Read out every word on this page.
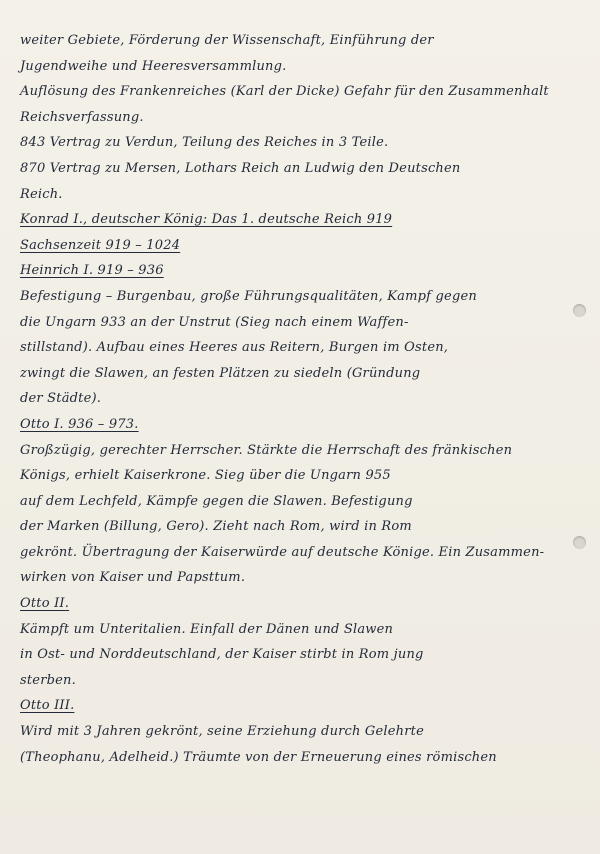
weiter Gebiete, Förderung der Wissenschaft, Einführung der
Jugendweihe und Heeresversammlung.
Auflösung des Frankenreiches (Karl der Dicke) Gefahr für den Zusammenhalt
Reichsverfassung.
843 Vertrag zu Verdun, Teilung des Reiches in 3 Teile.
870 Vertrag zu Mersen, Lothars Reich an Ludwig den Deutschen
Reich.
Konrad I., deutscher König: Das 1. deutsche Reich 919
Sachsenzeit 919 – 1024
Heinrich I. 919 – 936
Befestigung – Burgenbau, große Führungsqualitäten, Kampf gegen
die Ungarn 933 an der Unstrut (Sieg nach einem Waffen-
stillstand). Aufbau eines Heeres aus Reitern, Burgen im Osten,
zwingt die Slawen, an festen Plätzen zu siedeln (Gründung
der Städte).
Otto I. 936 – 973.
Großzügig, gerechter Herrscher. Stärkte die Herrschaft des fränkischen
Königs, erhielt Kaiserkrone. Sieg über die Ungarn 955
auf dem Lechfeld, Kämpfe gegen die Slawen. Befestigung
der Marken (Billung, Gero). Zieht nach Rom, wird in Rom
gekrönt. Übertragung der Kaiserwürde auf deutsche Könige. Ein Zusammen-
wirken von Kaiser und Papsttum.
Otto II.
Kämpft um Unteritalien. Einfall der Dänen und Slawen
in Ost- und Norddeutschland, der Kaiser stirbt in Rom jung
sterben.
Otto III.
Wird mit 3 Jahren gekrönt, seine Erziehung durch Gelehrte
(Theophanu, Adelheid.) Träumte von der Erneuerung eines römischen
